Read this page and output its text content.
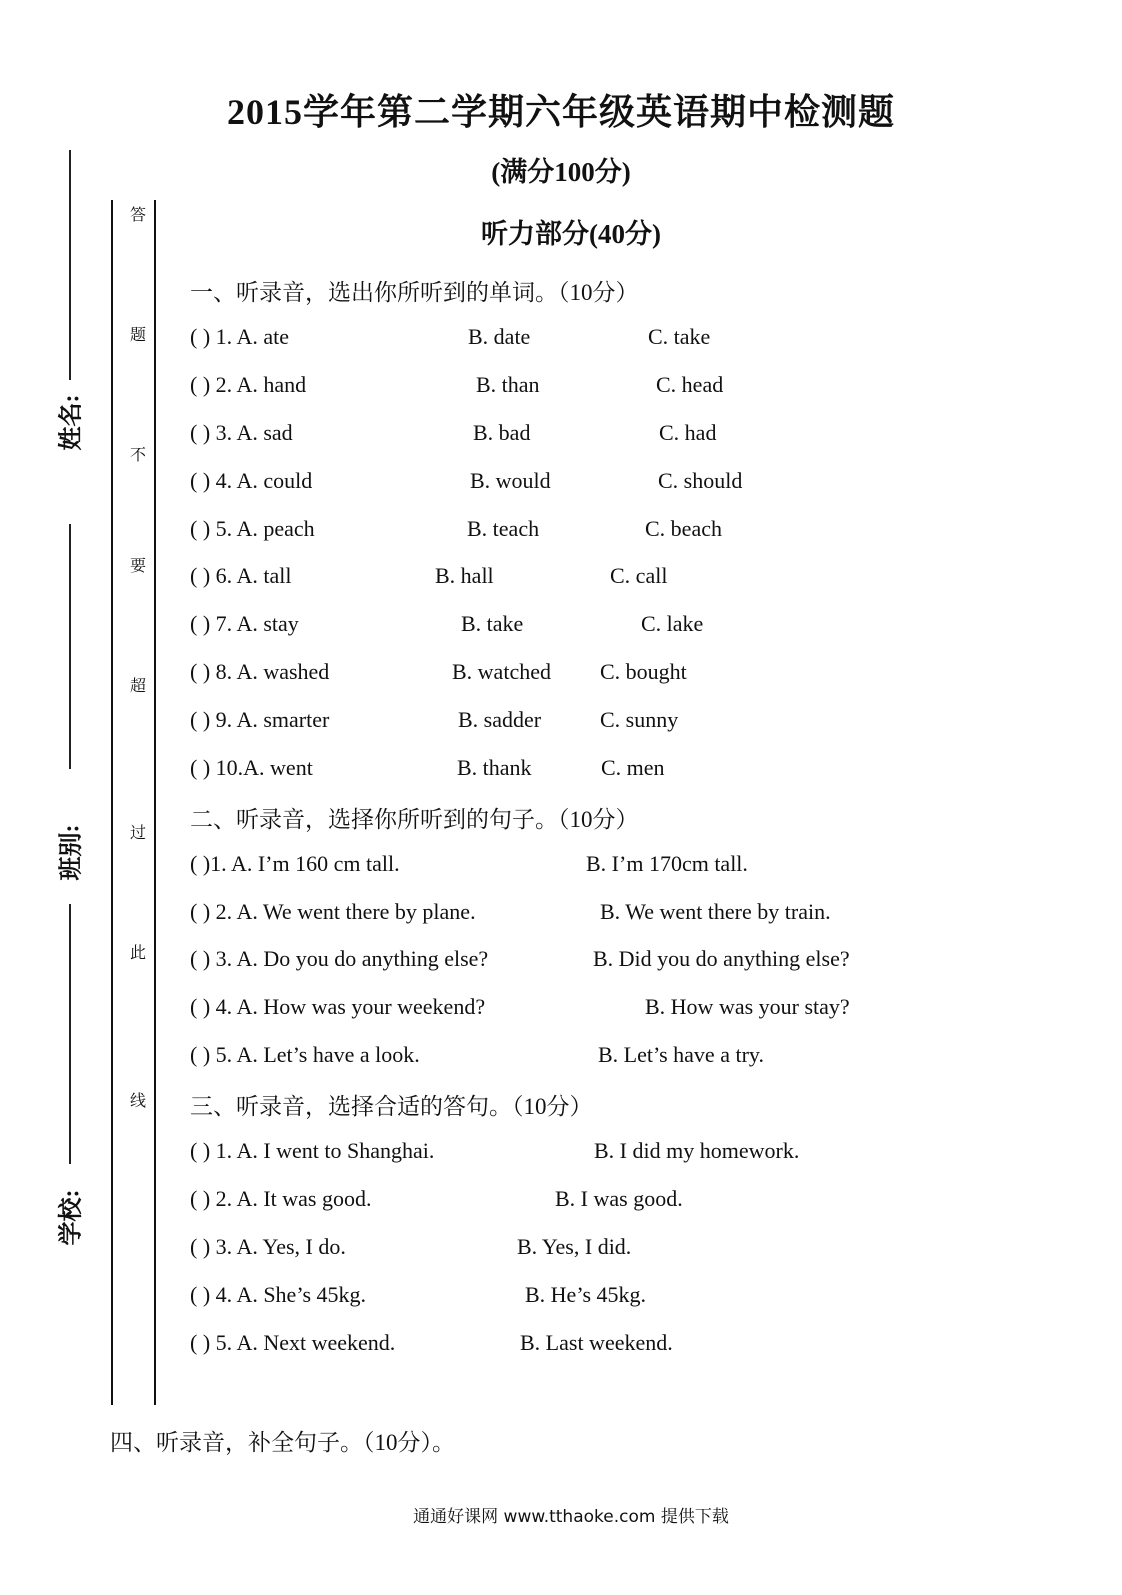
2015学年第二学期六年级英语期中检测题
(满分100分)
听力部分(40分)
姓名:
班别:
学校:
答
题
不
要
超
过
此
线
一、听录音，选出你所听到的单词。（10分）
( ) 1. A. ate	B. date	C. take
( ) 2. A. hand	B. than	C. head
( ) 3. A. sad	B. bad	C. had
( ) 4. A. could	B. would	C. should
( ) 5. A. peach	B. teach	C. beach
( ) 6. A. tall	B. hall	C. call
( ) 7. A. stay	B. take	C. lake
( ) 8. A. washed	B. watched C. bought
( ) 9. A. smarter	B. sadder	C. sunny
( ) 10.A. went	B. thank	C. men
二、听录音，选择你所听到的句子。（10分）
( )1. A. I’m 160 cm tall.	B. I’m 170cm tall.
( ) 2. A. We went there by plane.	B. We went there by train.
( ) 3. A. Do you do anything else?	B. Did you do anything else?
( ) 4. A. How was your weekend?	B. How was your stay?
( ) 5. A. Let’s have a look.	B. Let’s have a try.
三、听录音，选择合适的答句。（10分）
( ) 1. A. I went to Shanghai.	B. I did my homework.
( ) 2. A. It was good.	B. I was good.
( ) 3. A. Yes, I do.	B. Yes, I did.
( ) 4. A. She’s 45kg.	B. He’s 45kg.
( ) 5. A. Next weekend.	B. Last weekend.
四、听录音，补全句子。（10分）。
通通好课网 www.tthaoke.com 提供下载
